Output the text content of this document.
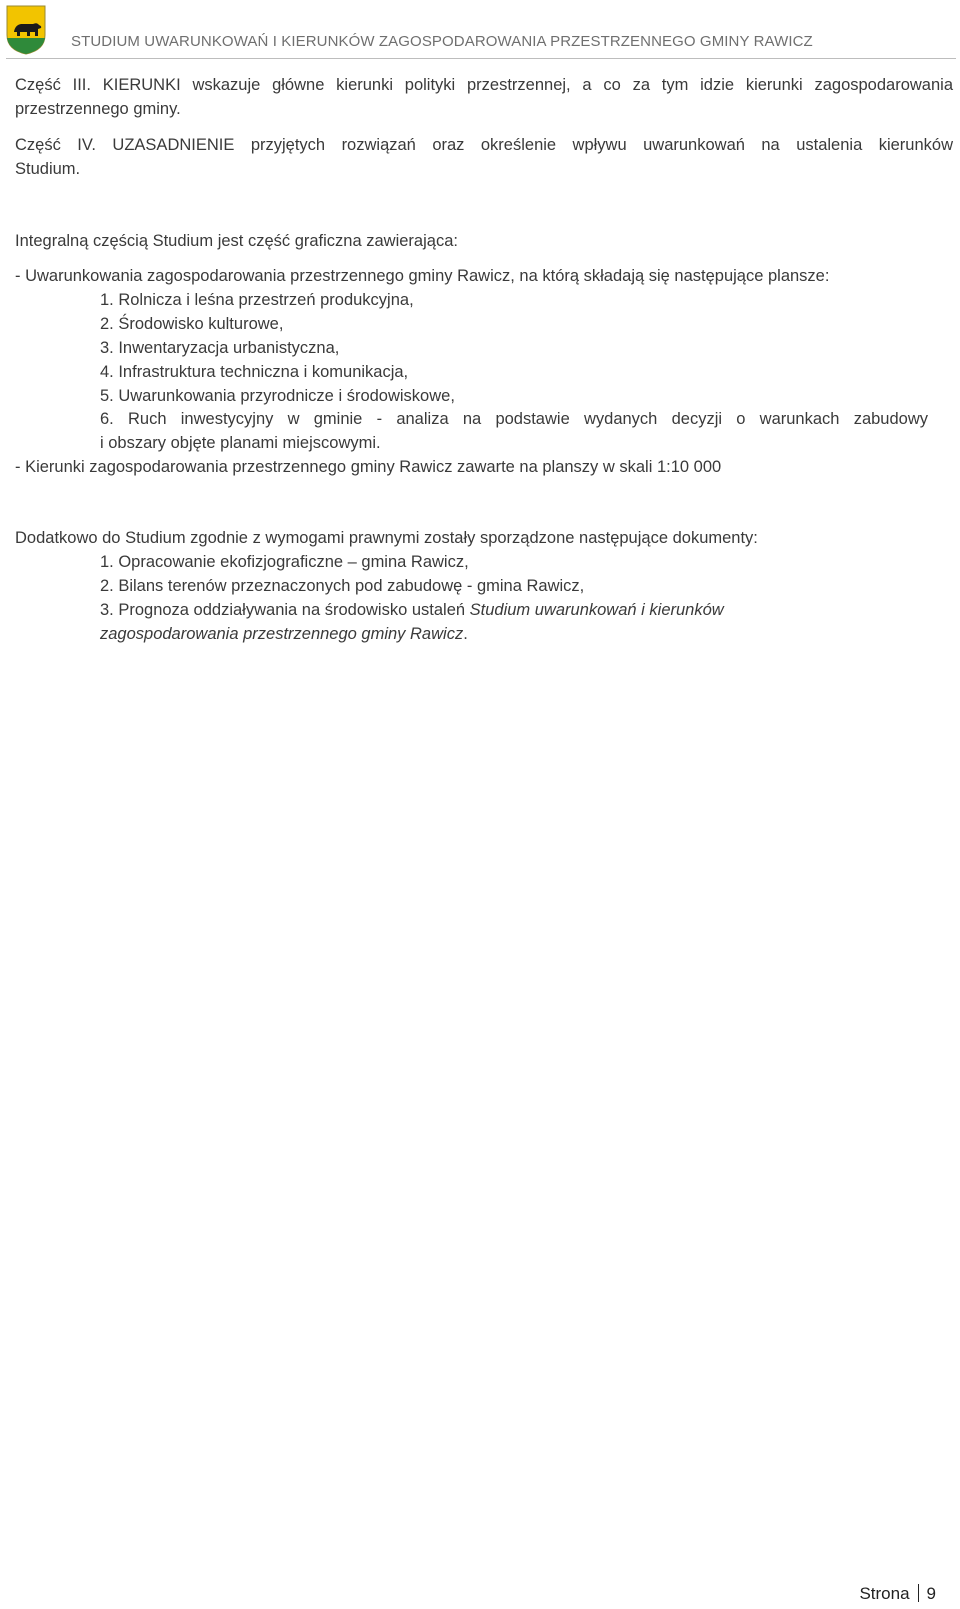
STUDIUM UWARUNKOWAŃ I KIERUNKÓW ZAGOSPODAROWANIA PRZESTRZENNEGO GMINY RAWICZ
Część III. KIERUNKI wskazuje główne kierunki polityki przestrzennej, a co za tym idzie kierunki zagospodarowania
przestrzennego gminy.
Część IV. UZASADNIENIE przyjętych rozwiązań oraz określenie wpływu uwarunkowań na ustalenia kierunków
Studium.
Integralną częścią Studium jest część graficzna zawierająca:
- Uwarunkowania zagospodarowania przestrzennego gminy Rawicz, na którą składają się następujące plansze:
1. Rolnicza i leśna przestrzeń produkcyjna,
2. Środowisko kulturowe,
3. Inwentaryzacja urbanistyczna,
4. Infrastruktura techniczna i komunikacja,
5. Uwarunkowania przyrodnicze i środowiskowe,
6. Ruch inwestycyjny w gminie - analiza na podstawie wydanych decyzji o warunkach zabudowy
i obszary objęte planami miejscowymi.
- Kierunki zagospodarowania przestrzennego gminy Rawicz zawarte na planszy w skali 1:10 000
Dodatkowo do Studium zgodnie z wymogami prawnymi zostały sporządzone następujące dokumenty:
1. Opracowanie ekofizjograficzne – gmina Rawicz,
2. Bilans terenów przeznaczonych pod zabudowę - gmina Rawicz,
3. Prognoza oddziaływania na środowisko ustaleń Studium uwarunkowań i kierunków
zagospodarowania przestrzennego gminy Rawicz.
Strona 9
